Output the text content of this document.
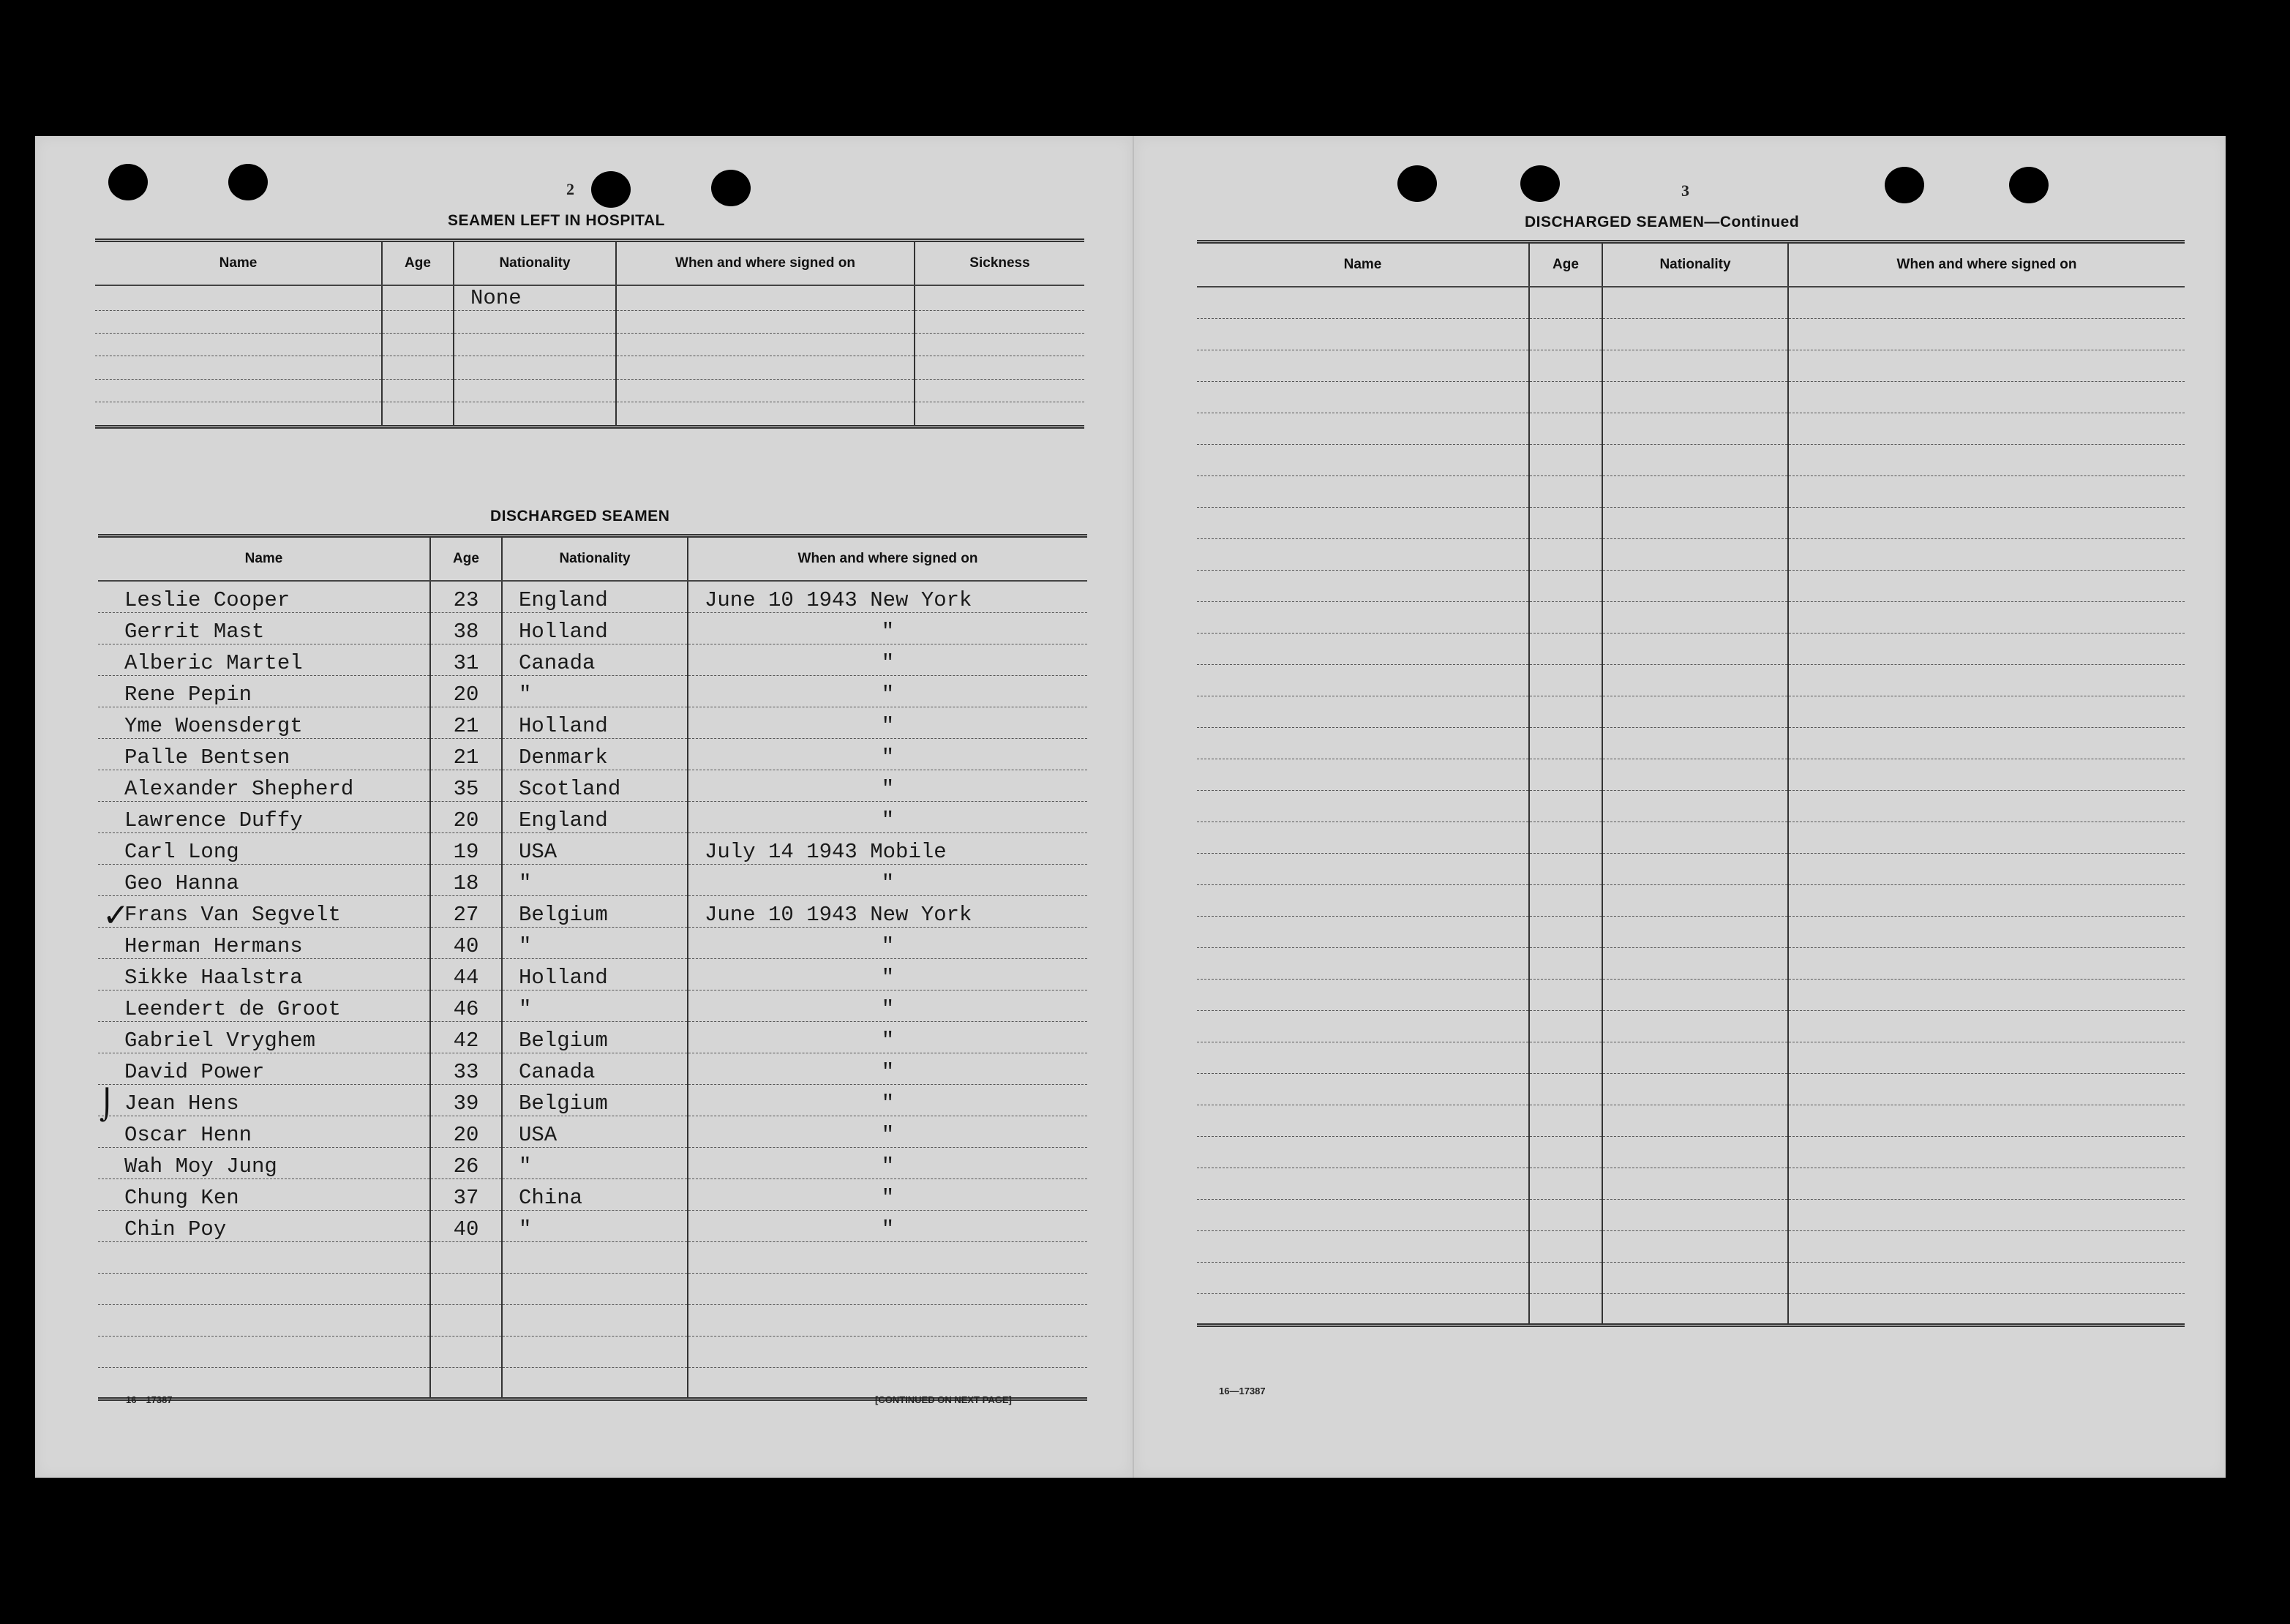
2
SEAMEN LEFT IN HOSPITAL
Name	Age	Nationality	When and where signed on	Sickness
		None		

DISCHARGED SEAMEN
Name	Age	Nationality	When and where signed on
Leslie Cooper	23	England	June 10 1943 New York
Gerrit Mast	38	Holland	"
Alberic Martel	31	Canada	"
Rene Pepin	20	"	"
Yme Woensdergt	21	Holland	"
Palle Bentsen	21	Denmark	"
Alexander Shepherd	35	Scotland	"
Lawrence Duffy	20	England	"
Carl Long	19	USA	July 14 1943 Mobile
Geo Hanna	18	"	"
Frans Van Segvelt	27	Belgium	June 10 1943 New York
Herman Hermans	40	"	"
Sikke Haalstra	44	Holland	"
Leendert de Groot	46	"	"
Gabriel Vryghem	42	Belgium	"
David Power	33	Canada	"
Jean Hens	39	Belgium	"
Oscar Henn	20	USA	"
Wah Moy Jung	26	"	"
Chung Ken	37	China	"
Chin Poy	40	"	"

✓
⌡
16—17387	[CONTINUED ON NEXT PAGE]
3
DISCHARGED SEAMEN—Continued
Name	Age	Nationality	When and where signed on

16—17387
